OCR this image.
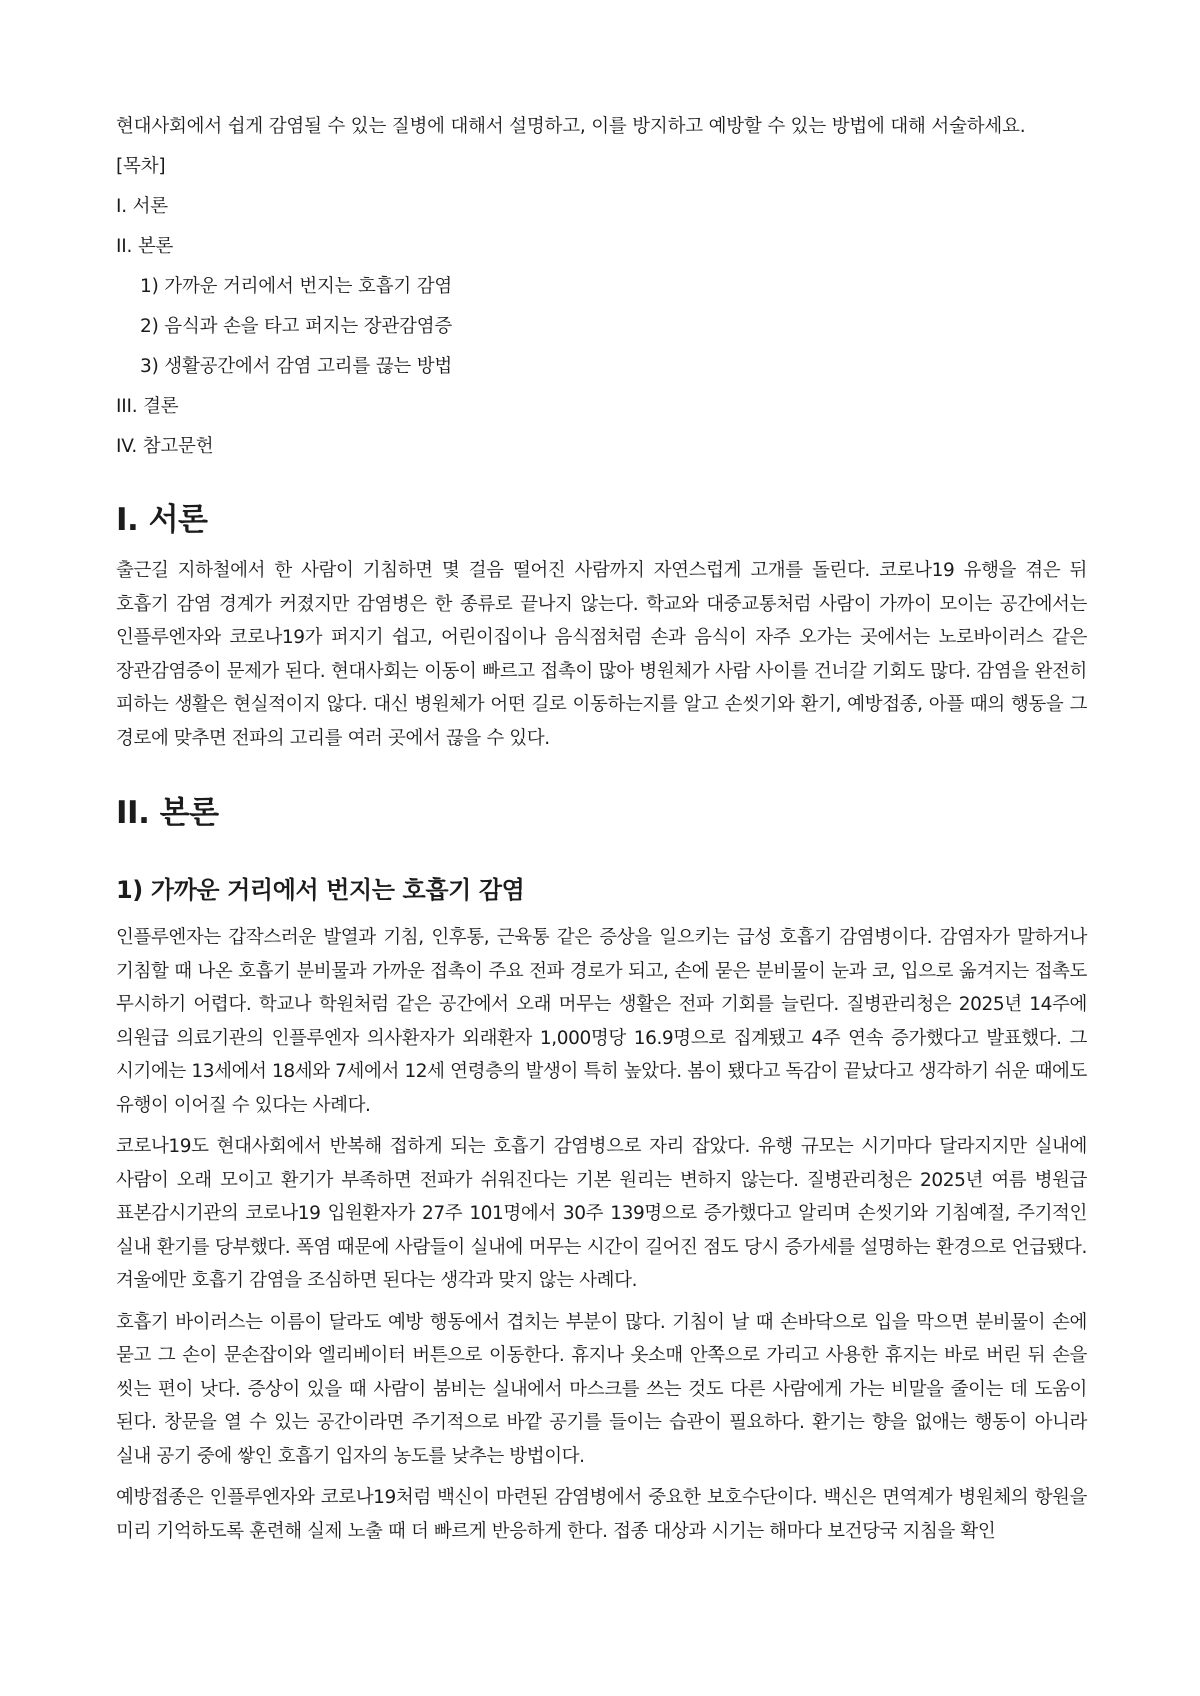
현대사회에서 쉽게 감염될 수 있는 질병에 대해서 설명하고, 이를 방지하고 예방할 수 있는 방법에 대해 서술하세요.

[목차]
I. 서론
II. 본론
1) 가까운 거리에서 번지는 호흡기 감염
2) 음식과 손을 타고 퍼지는 장관감염증
3) 생활공간에서 감염 고리를 끊는 방법
III. 결론
IV. 참고문헌
I. 서론

출근길 지하철에서 한 사람이 기침하면 몇 걸음 떨어진 사람까지 자연스럽게 고개를 돌린다. 코로나19 유행을 겪은 뒤 호흡기 감염 경계가 커졌지만 감염병은 한 종류로 끝나지 않는다. 학교와 대중교통처럼 사람이 가까이 모이는 공간에서는 인플루엔자와 코로나19가 퍼지기 쉽고, 어린이집이나 음식점처럼 손과 음식이 자주 오가는 곳에서는 노로바이러스 같은 장관감염증이 문제가 된다. 현대사회는 이동이 빠르고 접촉이 많아 병원체가 사람 사이를 건너갈 기회도 많다. 감염을 완전히 피하는 생활은 현실적이지 않다. 대신 병원체가 어떤 길로 이동하는지를 알고 손씻기와 환기, 예방접종, 아플 때의 행동을 그 경로에 맞추면 전파의 고리를 여러 곳에서 끊을 수 있다.

II. 본론
1) 가까운 거리에서 번지는 호흡기 감염

인플루엔자는 갑작스러운 발열과 기침, 인후통, 근육통 같은 증상을 일으키는 급성 호흡기 감염병이다. 감염자가 말하거나 기침할 때 나온 호흡기 분비물과 가까운 접촉이 주요 전파 경로가 되고, 손에 묻은 분비물이 눈과 코, 입으로 옮겨지는 접촉도 무시하기 어렵다. 학교나 학원처럼 같은 공간에서 오래 머무는 생활은 전파 기회를 늘린다. 질병관리청은 2025년 14주에 의원급 의료기관의 인플루엔자 의사환자가 외래환자 1,000명당 16.9명으로 집계됐고 4주 연속 증가했다고 발표했다. 그 시기에는 13세에서 18세와 7세에서 12세 연령층의 발생이 특히 높았다. 봄이 됐다고 독감이 끝났다고 생각하기 쉬운 때에도 유행이 이어질 수 있다는 사례다.

코로나19도 현대사회에서 반복해 접하게 되는 호흡기 감염병으로 자리 잡았다. 유행 규모는 시기마다 달라지지만 실내에 사람이 오래 모이고 환기가 부족하면 전파가 쉬워진다는 기본 원리는 변하지 않는다. 질병관리청은 2025년 여름 병원급 표본감시기관의 코로나19 입원환자가 27주 101명에서 30주 139명으로 증가했다고 알리며 손씻기와 기침예절, 주기적인 실내 환기를 당부했다. 폭염 때문에 사람들이 실내에 머무는 시간이 길어진 점도 당시 증가세를 설명하는 환경으로 언급됐다. 겨울에만 호흡기 감염을 조심하면 된다는 생각과 맞지 않는 사례다.

호흡기 바이러스는 이름이 달라도 예방 행동에서 겹치는 부분이 많다. 기침이 날 때 손바닥으로 입을 막으면 분비물이 손에 묻고 그 손이 문손잡이와 엘리베이터 버튼으로 이동한다. 휴지나 옷소매 안쪽으로 가리고 사용한 휴지는 바로 버린 뒤 손을 씻는 편이 낫다. 증상이 있을 때 사람이 붐비는 실내에서 마스크를 쓰는 것도 다른 사람에게 가는 비말을 줄이는 데 도움이 된다. 창문을 열 수 있는 공간이라면 주기적으로 바깥 공기를 들이는 습관이 필요하다. 환기는 향을 없애는 행동이 아니라 실내 공기 중에 쌓인 호흡기 입자의 농도를 낮추는 방법이다.

예방접종은 인플루엔자와 코로나19처럼 백신이 마련된 감염병에서 중요한 보호수단이다. 백신은 면역계가 병원체의 항원을 미리 기억하도록 훈련해 실제 노출 때 더 빠르게 반응하게 한다. 접종 대상과 시기는 해마다 보건당국 지침을 확인
